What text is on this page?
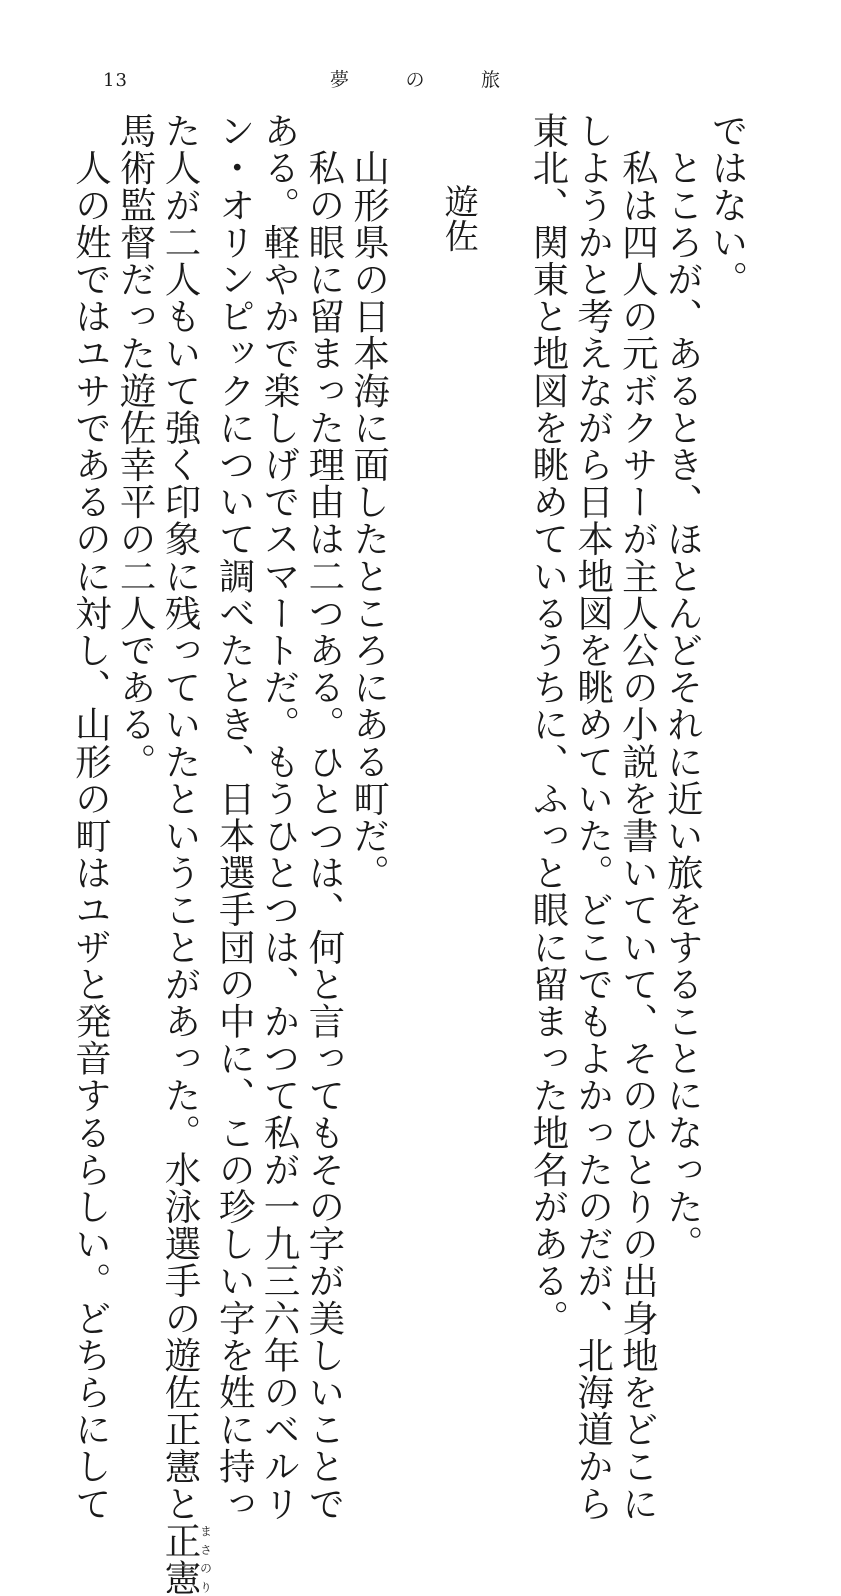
13	夢	の	旅

ではない。

　ところが、あるとき、ほとんどそれに近い旅をすることになった。

　私は四人の元ボクサーが主人公の小説を書いていて、そのひとりの出身地をどこに

しようかと考えながら日本地図を眺めていた。どこでもよかったのだが、北海道から

東北、関東と地図を眺めているうちに、ふっと眼に留まった地名がある。

遊佐

　山形県の日本海に面したところにある町だ。

　私の眼に留まった理由は二つある。ひとつは、何と言ってもその字が美しいことで

ある。軽やかで楽しげでスマートだ。もうひとつは、かつて私が一九三六年のベルリ

ン・オリンピックについて調べたとき、日本選手団の中に、この珍しい字を姓に持っ

た人が二人もいて強く印象に残っていたということがあった。水泳選手の遊佐正憲と正憲まさのり

馬術監督だった遊佐幸平の二人である。

　人の姓ではユサであるのに対し、山形の町はユザと発音するらしい。どちらにして
